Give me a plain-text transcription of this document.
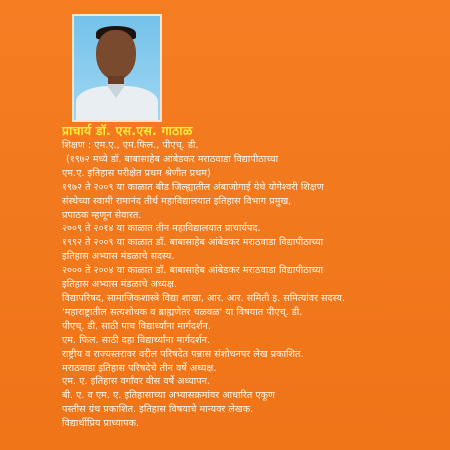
प्राचार्य डॉ. एस.एस. गाठाळ
शिक्षण : एम.ए., एम.फिल., पीएच्. डी.
(१९७२ मध्ये डॉ. बाबासाहेब आंबेडकर मराठवाडा विद्यापीठाच्या
एम.ए. इतिहास परीक्षेत प्रथम श्रेणीत प्रथम)
१९७२ ते २००९ या काळात बीड जिल्ह्यातील अंबाजोगाई येथे योगेश्वरी शिक्षण
संस्थेच्या स्वामी रामानंद तीर्थ महाविद्यालयात इतिहास विभाग प्रमुख,
प्रपाठक म्हणून सेवारत.
२००९ ते २०१४ या काळात तीन महाविद्यालयात प्राचार्यपद.
१९९२ ते २००९ या काळात डॉ. बाबासाहेब आंबेडकर मराठवाडा विद्यापीठाच्या
इतिहास अभ्यास मंडळाचे सदस्य.
२००० ते २००४ या काळात डॉ. बाबासाहेब आंबेडकर मराठवाडा विद्यापीठाच्या
इतिहास अभ्यास मंडळाचे अध्यक्ष.
विद्यापरिषद, सामाजिकशास्त्रे विद्या शाखा, आर. आर. समिती इ. समित्यांवर सदस्य.
'महाराष्ट्रातील सत्यशोधक व ब्राह्मणेतर चळवळ' या विषयात पीएच्. डी.
पीएच्. डी. साठी पाच विद्यार्थ्यांना मार्गदर्शन.
एम. फिल. साठी दहा विद्यार्थ्यांना मार्गदर्शन.
राष्ट्रीय व राज्यस्तरावर वरील परिषदेत पन्नास संशोधनपर लेख प्रकाशित.
मराठवाडा इतिहास परिषदेचे तीन वर्षे अध्यक्ष.
एम. ए. इतिहास वर्गांवर वीस वर्षे अध्यापन.
बी. ए. व एम. ए. इतिहासाच्या अभ्यासक्रमांवर आधारित एकूण
पस्तीस ग्रंथ प्रकाशित. इतिहास विषयाचे मान्यवर लेखक.
विद्यार्थीप्रिय प्राध्यापक.
